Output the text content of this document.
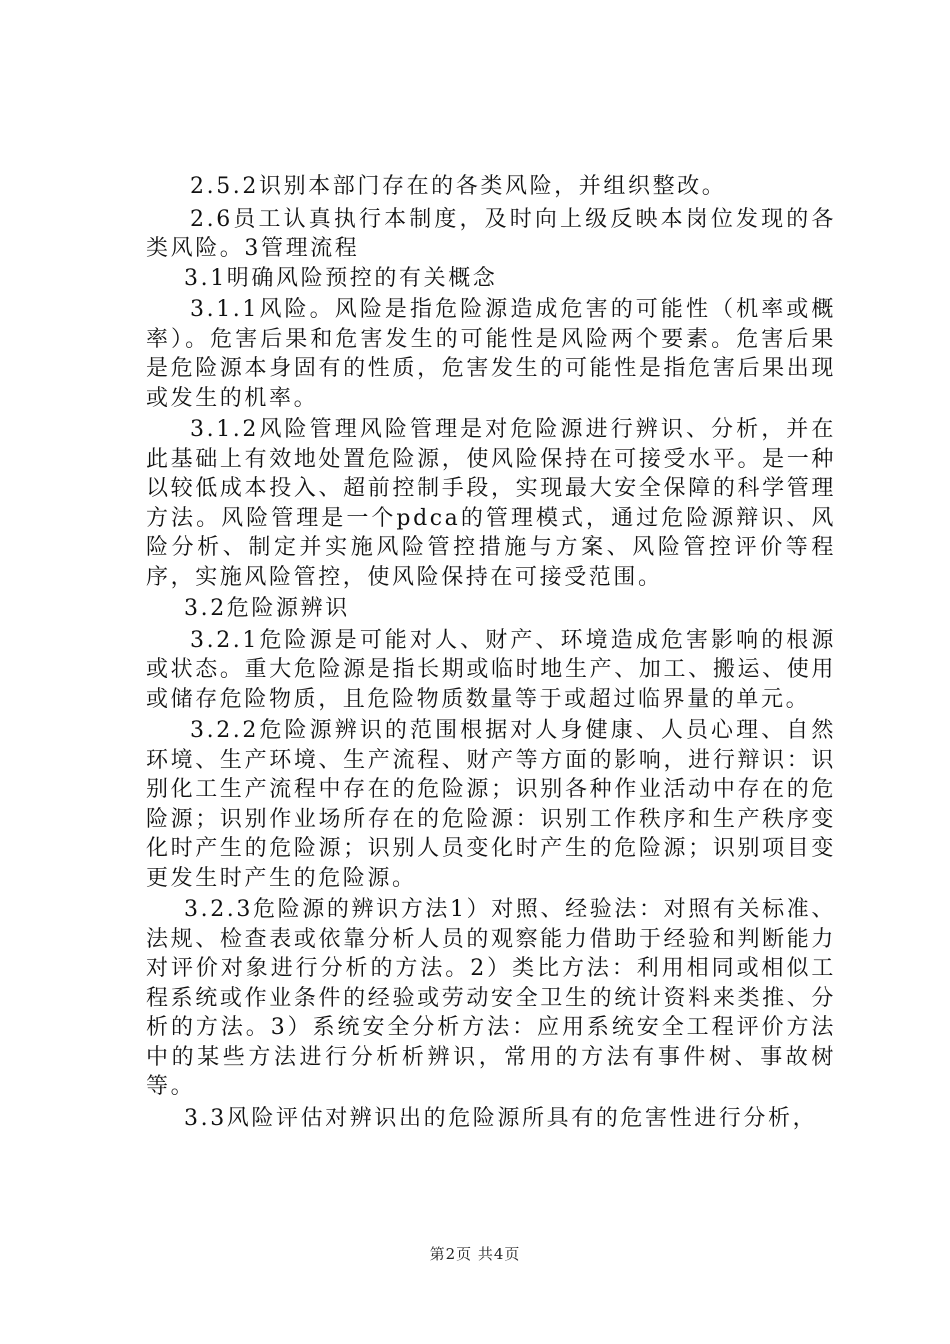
2.5.2识别本部门存在的各类风险，并组织整改。

2.6员工认真执行本制度，及时向上级反映本岗位发现的各类风险。3管理流程

3.1明确风险预控的有关概念

3.1.1风险。风险是指危险源造成危害的可能性（机率或概率）。危害后果和危害发生的可能性是风险两个要素。危害后果是危险源本身固有的性质，危害发生的可能性是指危害后果出现或发生的机率。

3.1.2风险管理风险管理是对危险源进行辨识、分析，并在此基础上有效地处置危险源，使风险保持在可接受水平。是一种以较低成本投入、超前控制手段，实现最大安全保障的科学管理方法。风险管理是一个pdca的管理模式，通过危险源辩识、风险分析、制定并实施风险管控措施与方案、风险管控评价等程序，实施风险管控，使风险保持在可接受范围。

3.2危险源辨识

3.2.1危险源是可能对人、财产、环境造成危害影响的根源或状态。重大危险源是指长期或临时地生产、加工、搬运、使用或储存危险物质，且危险物质数量等于或超过临界量的单元。

3.2.2危险源辨识的范围根据对人身健康、人员心理、自然环境、生产环境、生产流程、财产等方面的影响，进行辩识：识别化工生产流程中存在的危险源；识别各种作业活动中存在的危险源；识别作业场所存在的危险源：识别工作秩序和生产秩序变化时产生的危险源；识别人员变化时产生的危险源；识别项目变更发生时产生的危险源。

3.2.3危险源的辨识方法1）对照、经验法：对照有关标准、法规、检查表或依靠分析人员的观察能力借助于经验和判断能力对评价对象进行分析的方法。2）类比方法：利用相同或相似工程系统或作业条件的经验或劳动安全卫生的统计资料来类推、分析的方法。3）系统安全分析方法：应用系统安全工程评价方法中的某些方法进行分析析辨识，常用的方法有事件树、事故树等。

3.3风险评估对辨识出的危险源所具有的危害性进行分析，

第2页 共4页
